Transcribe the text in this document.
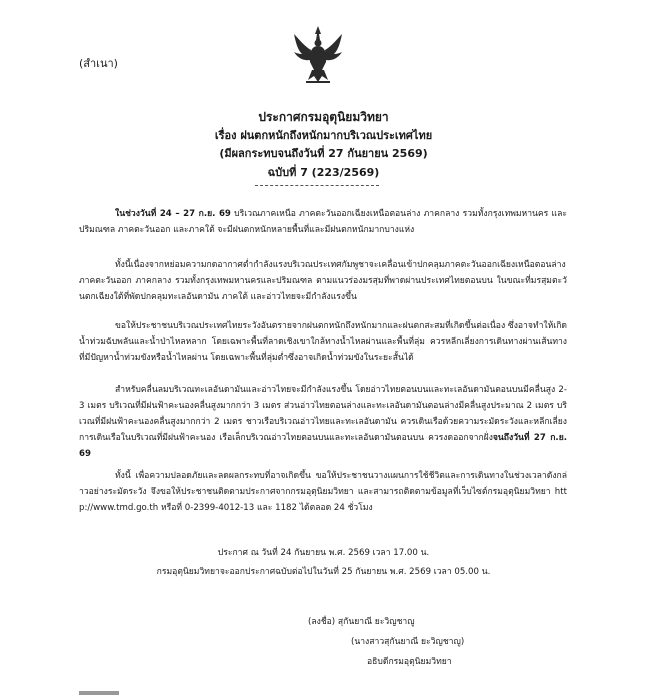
(สำเนา)
ประกาศกรมอุตุนิยมวิทยา
เรื่อง ฝนตกหนักถึงหนักมากบริเวณประเทศไทย
(มีผลกระทบจนถึงวันที่ 27 กันยายน 2569)
ฉบับที่ 7 (223/2569)
ในช่วงวันที่ 24 – 27 ก.ย. 69 บริเวณภาคเหนือ ภาคตะวันออกเฉียงเหนือตอนล่าง ภาคกลาง รวมทั้งกรุงเทพมหานคร และปริมณฑล ภาคตะวันออก และภาคใต้ จะมีฝนตกหนักหลายพื้นที่และมีฝนตกหนักมากบางแห่ง
ทั้งนี้เนื่องจากหย่อมความกดอากาศต่ำกำลังแรงบริเวณประเทศกัมพูชาจะเคลื่อนเข้าปกคลุมภาคตะวันออกเฉียงเหนือตอนล่าง ภาคตะวันออก ภาคกลาง รวมทั้งกรุงเทพมหานครและปริมณฑล ตามแนวร่องมรสุมที่พาดผ่านประเทศไทยตอนบน ในขณะที่มรสุมตะวันตกเฉียงใต้ที่พัดปกคลุมทะเลอันดามัน ภาคใต้ และอ่าวไทยจะมีกำลังแรงขึ้น
ขอให้ประชาชนบริเวณประเทศไทยระวังอันตรายจากฝนตกหนักถึงหนักมากและฝนตกสะสมที่เกิดขึ้นต่อเนื่อง ซึ่งอาจทำให้เกิดน้ำท่วมฉับพลันและน้ำป่าไหลหลาก โดยเฉพาะพื้นที่ลาดเชิงเขาใกล้ทางน้ำไหลผ่านและพื้นที่ลุ่ม ควรหลีกเลี่ยงการเดินทางผ่านเส้นทางที่มีปัญหาน้ำท่วมขังหรือน้ำไหลผ่าน โดยเฉพาะพื้นที่ลุ่มต่ำซึ่งอาจเกิดน้ำท่วมขังในระยะสั้นได้
สำหรับคลื่นลมบริเวณทะเลอันดามันและอ่าวไทยจะมีกำลังแรงขึ้น โดยอ่าวไทยตอนบนและทะเลอันดามันตอนบนมีคลื่นสูง 2-3 เมตร บริเวณที่มีฝนฟ้าคะนองคลื่นสูงมากกว่า 3 เมตร ส่วนอ่าวไทยตอนล่างและทะเลอันดามันตอนล่างมีคลื่นสูงประมาณ 2 เมตร บริเวณที่มีฝนฟ้าคะนองคลื่นสูงมากกว่า 2 เมตร ชาวเรือบริเวณอ่าวไทยและทะเลอันดามัน ควรเดินเรือด้วยความระมัดระวังและหลีกเลี่ยงการเดินเรือในบริเวณที่มีฝนฟ้าคะนอง เรือเล็กบริเวณอ่าวไทยตอนบนและทะเลอันดามันตอนบน ควรงดออกจากฝั่งจนถึงวันที่ 27 ก.ย. 69
ทั้งนี้ เพื่อความปลอดภัยและลดผลกระทบที่อาจเกิดขึ้น ขอให้ประชาชนวางแผนการใช้ชีวิตและการเดินทางในช่วงเวลาดังกล่าวอย่างระมัดระวัง จึงขอให้ประชาชนติดตามประกาศจากกรมอุตุนิยมวิทยา และสามารถติดตามข้อมูลที่เว็บไซต์กรมอุตุนิยมวิทยา http://www.tmd.go.th หรือที่ 0-2399-4012-13 และ 1182 ได้ตลอด 24 ชั่วโมง
ประกาศ ณ วันที่ 24 กันยายน พ.ศ. 2569 เวลา 17.00 น.
กรมอุตุนิยมวิทยาจะออกประกาศฉบับต่อไปในวันที่ 25 กันยายน พ.ศ. 2569 เวลา 05.00 น.
(ลงชื่อ) สุกันยาณี ยะวิญชาญู
(นางสาวสุกันยาณี ยะวิญชาญู)
อธิบดีกรมอุตุนิยมวิทยา
